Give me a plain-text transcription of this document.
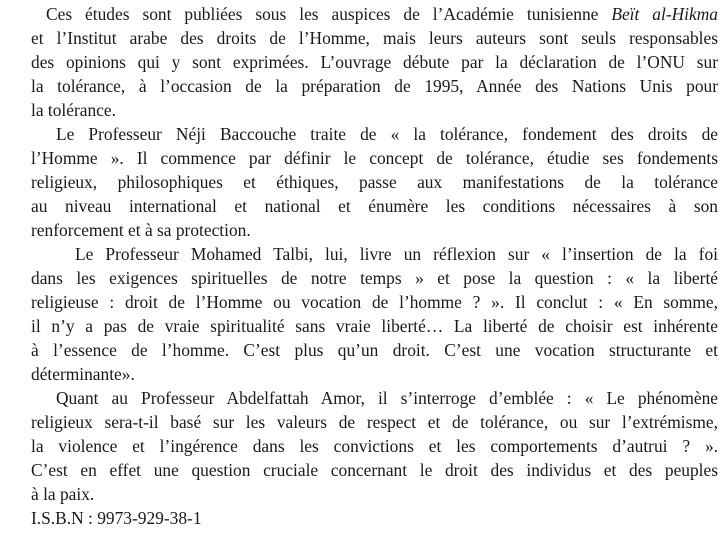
Ces études sont publiées sous les auspices de l’Académie tunisienne Beït al-Hikma
et l’Institut arabe des droits de l’Homme, mais leurs auteurs sont seuls responsables
des opinions qui y sont exprimées. L’ouvrage débute par la déclaration de l’ONU sur
la tolérance, à l’occasion de la préparation de 1995, Année des Nations Unis pour
la tolérance.

Le Professeur Néji Baccouche traite de « la tolérance, fondement des droits de
l’Homme ». Il commence par définir le concept de tolérance, étudie ses fondements
religieux, philosophiques et éthiques, passe aux manifestations de la tolérance
au niveau international et national et énumère les conditions nécessaires à son
renforcement et à sa protection.

Le Professeur Mohamed Talbi, lui, livre un réflexion sur « l’insertion de la foi
dans les exigences spirituelles de notre temps » et pose la question : « la liberté
religieuse : droit de l’Homme ou vocation de l’homme ? ». Il conclut : « En somme,
il n’y a pas de vraie spiritualité sans vraie liberté… La liberté de choisir est inhérente
à l’essence de l’homme. C’est plus qu’un droit. C’est une vocation structurante et
déterminante».

Quant au Professeur Abdelfattah Amor, il s’interroge d’emblée : « Le phénomène
religieux sera-t-il basé sur les valeurs de respect et de tolérance, ou sur l’extrémisme,
la violence et l’ingérence dans les convictions et les comportements d’autrui ? ».
C’est en effet une question cruciale concernant le droit des individus et des peuples
à la paix.

I.S.B.N : 9973-929-38-1
